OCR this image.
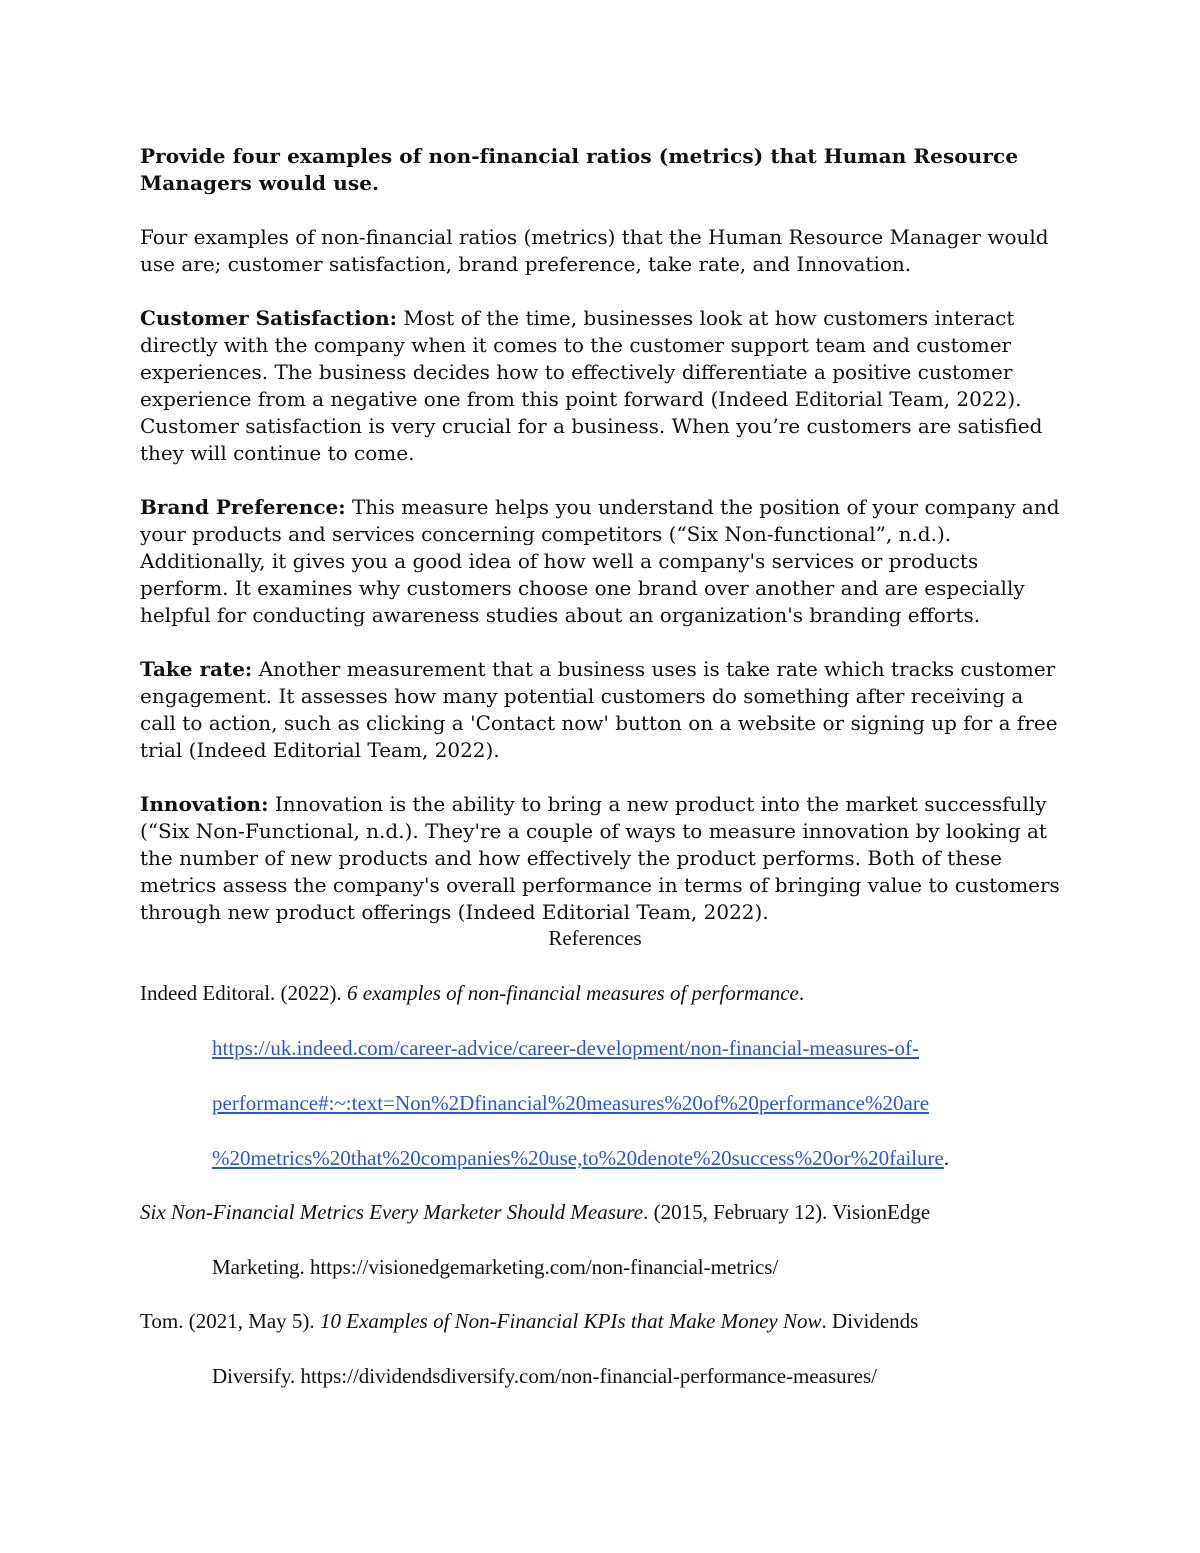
Provide four examples of non-financial ratios (metrics) that Human Resource Managers would use.

Four examples of non-financial ratios (metrics) that the Human Resource Manager would use are; customer satisfaction, brand preference, take rate, and Innovation.

Customer Satisfaction: Most of the time, businesses look at how customers interact directly with the company when it comes to the customer support team and customer experiences. The business decides how to effectively differentiate a positive customer experience from a negative one from this point forward (Indeed Editorial Team, 2022). Customer satisfaction is very crucial for a business. When you’re customers are satisfied they will continue to come.

Brand Preference: This measure helps you understand the position of your company and your products and services concerning competitors (“Six Non-functional”, n.d.). Additionally, it gives you a good idea of how well a company's services or products perform. It examines why customers choose one brand over another and are especially helpful for conducting awareness studies about an organization's branding efforts.

Take rate: Another measurement that a business uses is take rate which tracks customer engagement. It assesses how many potential customers do something after receiving a call to action, such as clicking a 'Contact now' button on a website or signing up for a free trial (Indeed Editorial Team, 2022).

Innovation: Innovation is the ability to bring a new product into the market successfully (“Six Non-Functional, n.d.). They're a couple of ways to measure innovation by looking at the number of new products and how effectively the product performs. Both of these metrics assess the company's overall performance in terms of bringing value to customers through new product offerings (Indeed Editorial Team, 2022).

References
Indeed Editoral. (2022). 6 examples of non-financial measures of performance.
https://uk.indeed.com/career-advice/career-development/non-financial-measures-of-
performance#:~:text=Non%2Dfinancial%20measures%20of%20performance%20are
%20metrics%20that%20companies%20use,to%20denote%20success%20or%20failure.
Six Non-Financial Metrics Every Marketer Should Measure. (2015, February 12). VisionEdge
Marketing. https://visionedgemarketing.com/non-financial-metrics/
Tom. (2021, May 5). 10 Examples of Non-Financial KPIs that Make Money Now. Dividends
Diversify. https://dividendsdiversify.com/non-financial-performance-measures/
